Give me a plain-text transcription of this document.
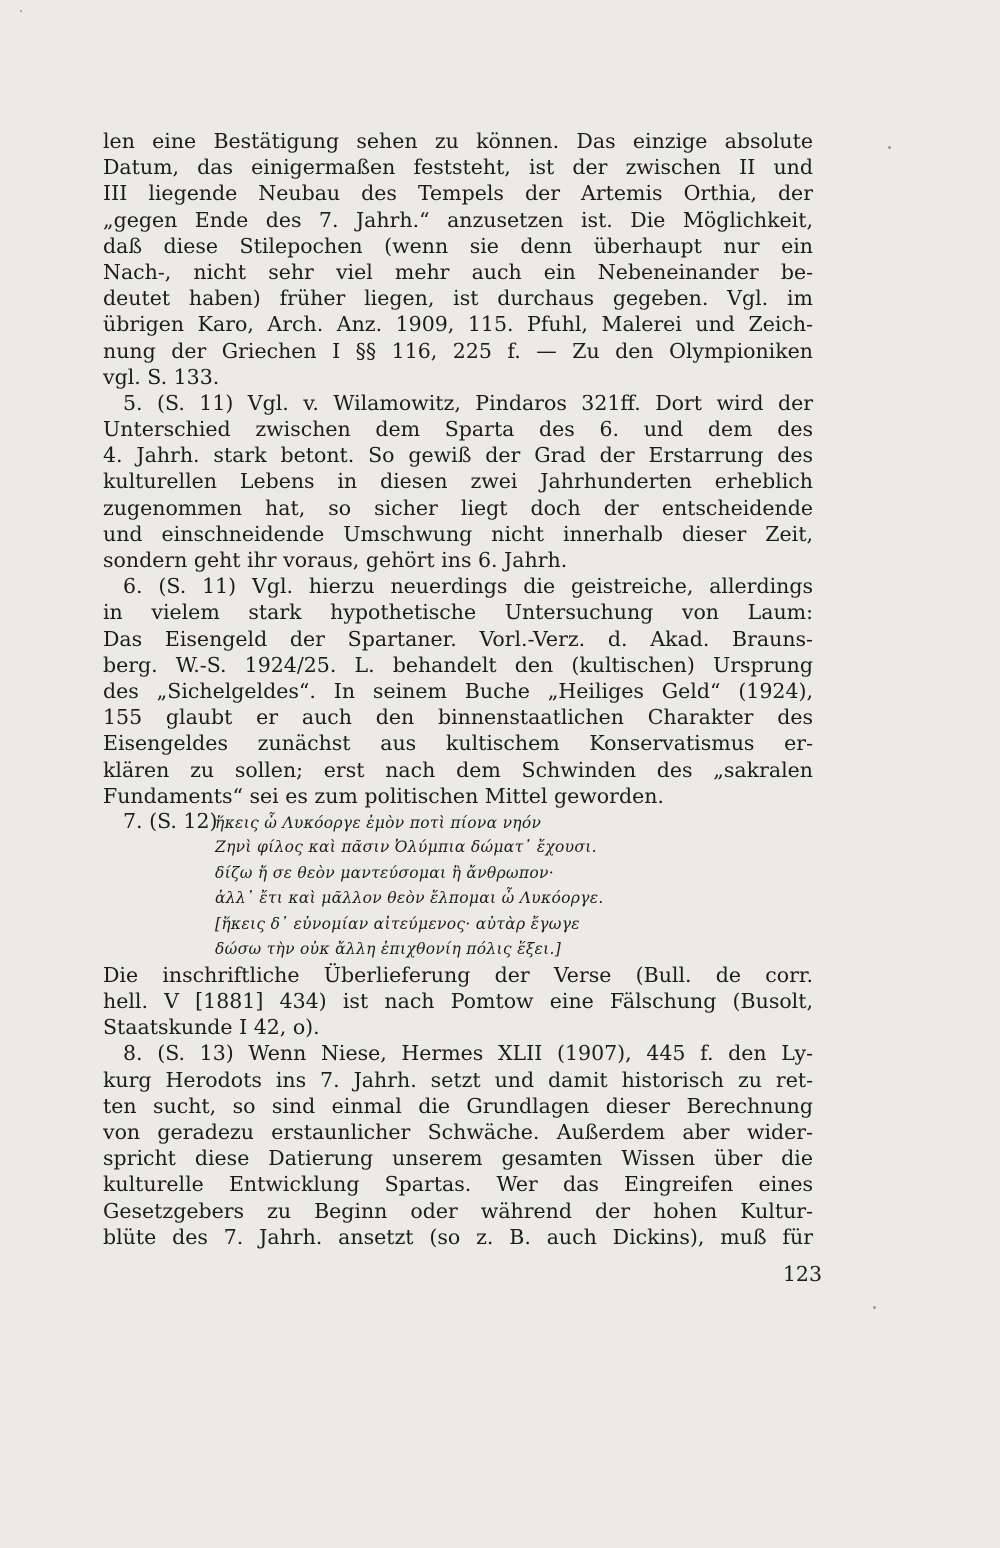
len eine Bestätigung sehen zu können. Das einzige absolute
Datum, das einigermaßen feststeht, ist der zwischen II und
III liegende Neubau des Tempels der Artemis Orthia, der
„gegen Ende des 7. Jahrh.“ anzusetzen ist. Die Möglichkeit,
daß diese Stilepochen (wenn sie denn überhaupt nur ein
Nach-, nicht sehr viel mehr auch ein Nebeneinander be-
deutet haben) früher liegen, ist durchaus gegeben. Vgl. im
übrigen Karo, Arch. Anz. 1909, 115. Pfuhl, Malerei und Zeich-
nung der Griechen I §§ 116, 225 f. — Zu den Olympioniken
vgl. S. 133.
5. (S. 11) Vgl. v. Wilamowitz, Pindaros 321ff. Dort wird der
Unterschied zwischen dem Sparta des 6. und dem des
4. Jahrh. stark betont. So gewiß der Grad der Erstarrung des
kulturellen Lebens in diesen zwei Jahrhunderten erheblich
zugenommen hat, so sicher liegt doch der entscheidende
und einschneidende Umschwung nicht innerhalb dieser Zeit,
sondern geht ihr voraus, gehört ins 6. Jahrh.
6. (S. 11) Vgl. hierzu neuerdings die geistreiche, allerdings
in vielem stark hypothetische Untersuchung von Laum:
Das Eisengeld der Spartaner. Vorl.-Verz. d. Akad. Brauns-
berg. W.-S. 1924/25. L. behandelt den (kultischen) Ursprung
des „Sichelgeldes“. In seinem Buche „Heiliges Geld“ (1924),
155 glaubt er auch den binnenstaatlichen Charakter des
Eisengeldes zunächst aus kultischem Konservatismus er-
klären zu sollen; erst nach dem Schwinden des „sakralen
Fundaments“ sei es zum politischen Mittel geworden.
7. (S. 12)ἥκεις ὦ Λυκόοργε ἐμὸν ποτὶ πίονα νηόν
Ζηνὶ φίλος καὶ πᾶσιν Ὀλύμπια δώματ᾽ ἔχουσι.
δίζω ἤ σε θεὸν μαντεύσομαι ἢ ἄνθρωπον·
ἀλλ᾽ ἔτι καὶ μᾶλλον θεὸν ἔλπομαι ὦ Λυκόοργε.
[ἥκεις δ᾽ εὐνομίαν αἰτεύμενος· αὐτὰρ ἔγωγε
δώσω τὴν οὐκ ἄλλη ἐπιχθονίη πόλις ἕξει.]
Die inschriftliche Überlieferung der Verse (Bull. de corr.
hell. V [1881] 434) ist nach Pomtow eine Fälschung (Busolt,
Staatskunde I 42, o).
8. (S. 13) Wenn Niese, Hermes XLII (1907), 445 f. den Ly-
kurg Herodots ins 7. Jahrh. setzt und damit historisch zu ret-
ten sucht, so sind einmal die Grundlagen dieser Berechnung
von geradezu erstaunlicher Schwäche. Außerdem aber wider-
spricht diese Datierung unserem gesamten Wissen über die
kulturelle Entwicklung Spartas. Wer das Eingreifen eines
Gesetzgebers zu Beginn oder während der hohen Kultur-
blüte des 7. Jahrh. ansetzt (so z. B. auch Dickins), muß für
123
